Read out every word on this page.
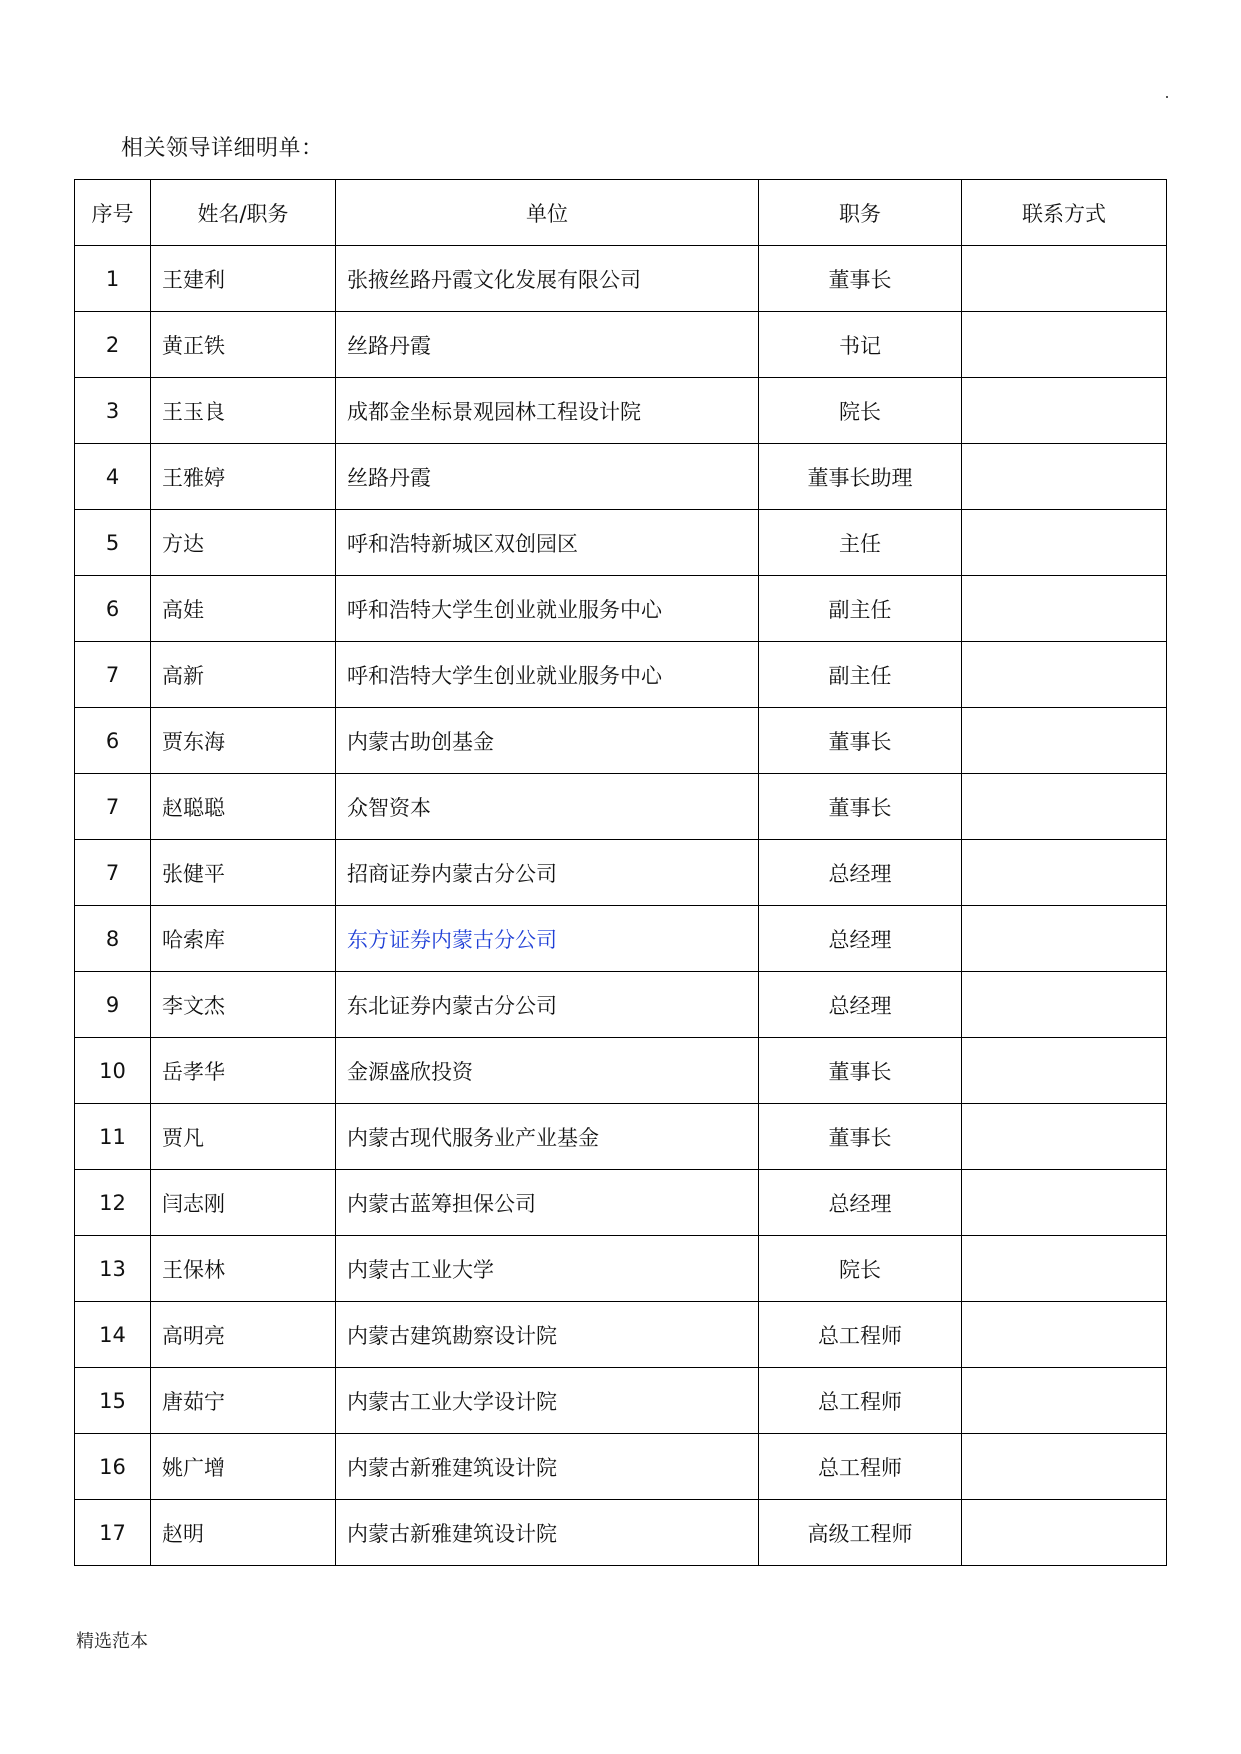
相关领导详细明单：
序号	姓名/职务	单位	职务	联系方式
1	王建利	张掖丝路丹霞文化发展有限公司	董事长	
2	黄正铁	丝路丹霞	书记	
3	王玉良	成都金坐标景观园林工程设计院	院长	
4	王雅婷	丝路丹霞	董事长助理	
5	方达	呼和浩特新城区双创园区	主任	
6	高娃	呼和浩特大学生创业就业服务中心	副主任	
7	高新	呼和浩特大学生创业就业服务中心	副主任	
6	贾东海	内蒙古助创基金	董事长	
7	赵聪聪	众智资本	董事长	
7	张健平	招商证券内蒙古分公司	总经理	
8	哈索库	东方证券内蒙古分公司	总经理	
9	李文杰	东北证券内蒙古分公司	总经理	
10	岳孝华	金源盛欣投资	董事长	
11	贾凡	内蒙古现代服务业产业基金	董事长	
12	闫志刚	内蒙古蓝筹担保公司	总经理	
13	王保林	内蒙古工业大学	院长	
14	高明亮	内蒙古建筑勘察设计院	总工程师	
15	唐茹宁	内蒙古工业大学设计院	总工程师	
16	姚广增	内蒙古新雅建筑设计院	总工程师	
17	赵明	内蒙古新雅建筑设计院	高级工程师	
精选范本
